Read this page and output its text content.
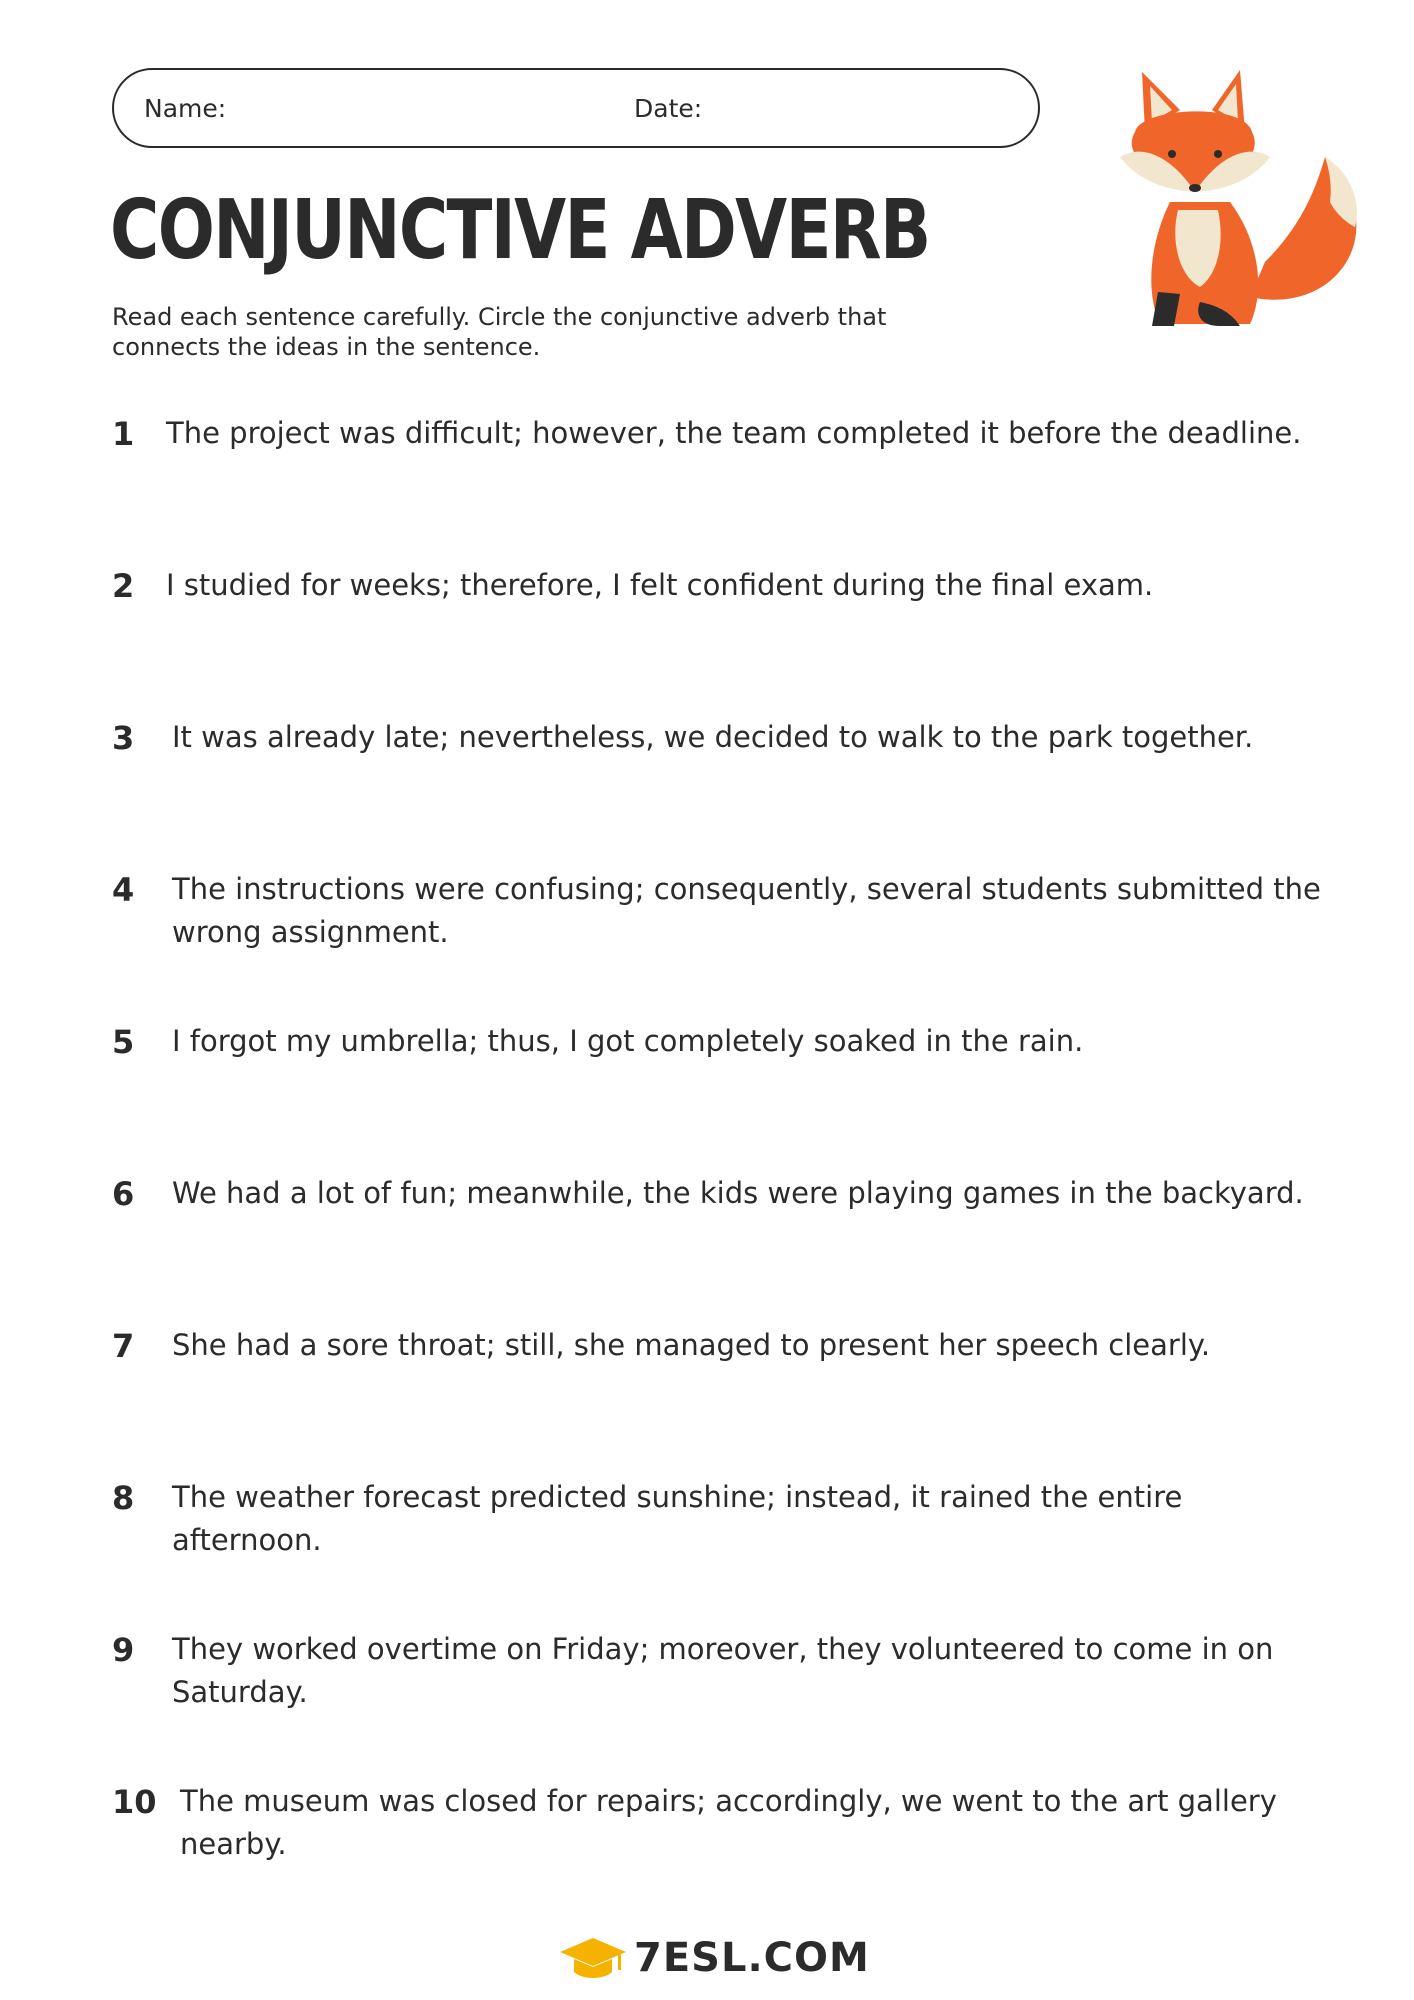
Name:	Date:
CONJUNCTIVE ADVERB

Read each sentence carefully. Circle the conjunctive adverb that connects the ideas in the sentence.

1	The project was difficult; however, the team completed it before the deadline.
2	I studied for weeks; therefore, I felt confident during the final exam.
3	It was already late; nevertheless, we decided to walk to the park together.
4	The instructions were confusing; consequently, several students submitted the wrong assignment.
5	I forgot my umbrella; thus, I got completely soaked in the rain.
6	We had a lot of fun; meanwhile, the kids were playing games in the backyard.
7	She had a sore throat; still, she managed to present her speech clearly.
8	The weather forecast predicted sunshine; instead, it rained the entire afternoon.
9	They worked overtime on Friday; moreover, they volunteered to come in on Saturday.
10 The museum was closed for repairs; accordingly, we went to the art gallery nearby.
7ESL.COM
